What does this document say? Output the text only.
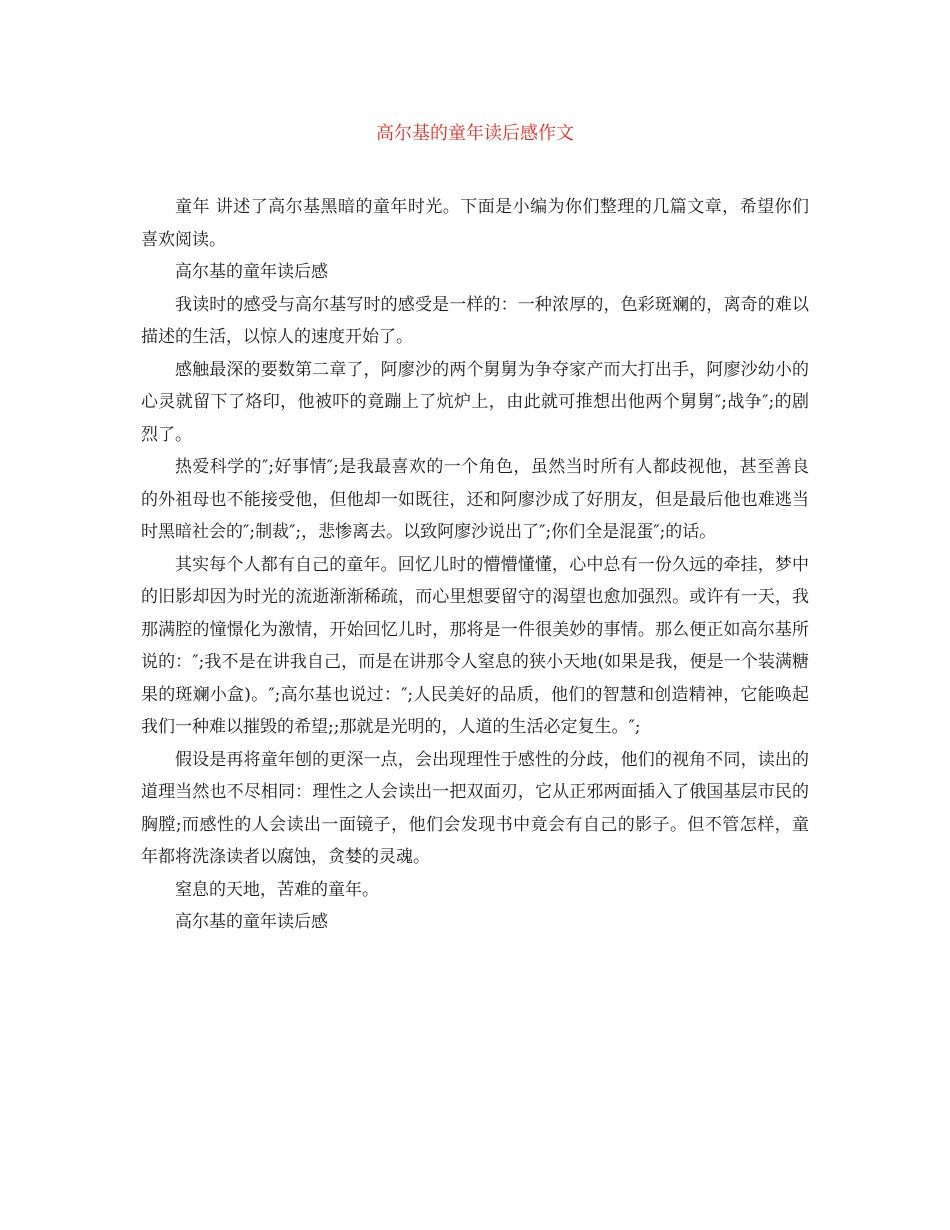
高尔基的童年读后感作文

童年 讲述了高尔基黑暗的童年时光。下面是小编为你们整理的几篇文章，希望你们喜欢阅读。

高尔基的童年读后感

我读时的感受与高尔基写时的感受是一样的：一种浓厚的，色彩斑斓的，离奇的难以描述的生活，以惊人的速度开始了。

感触最深的要数第二章了，阿廖沙的两个舅舅为争夺家产而大打出手，阿廖沙幼小的心灵就留下了烙印，他被吓的竟蹦上了炕炉上，由此就可推想出他两个舅舅″;战争″;的剧烈了。

热爱科学的″;好事情″;是我最喜欢的一个角色，虽然当时所有人都歧视他，甚至善良的外祖母也不能接受他，但他却一如既往，还和阿廖沙成了好朋友，但是最后他也难逃当时黑暗社会的″;制裁″;，悲惨离去。以致阿廖沙说出了″;你们全是混蛋″;的话。

其实每个人都有自己的童年。回忆儿时的懵懵懂懂，心中总有一份久远的牵挂，梦中的旧影却因为时光的流逝渐渐稀疏，而心里想要留守的渴望也愈加强烈。或许有一天，我那满腔的憧憬化为激情，开始回忆儿时，那将是一件很美妙的事情。那么便正如高尔基所说的：″;我不是在讲我自己，而是在讲那令人窒息的狭小天地(如果是我，便是一个装满糖果的斑斓小盒)。″;高尔基也说过：″;人民美好的品质，他们的智慧和创造精神，它能唤起我们一种难以摧毁的希望;;那就是光明的，人道的生活必定复生。″;

假设是再将童年刨的更深一点，会出现理性于感性的分歧，他们的视角不同，读出的道理当然也不尽相同：理性之人会读出一把双面刃，它从正邪两面插入了俄国基层市民的胸膛;而感性的人会读出一面镜子，他们会发现书中竟会有自己的影子。但不管怎样，童年都将洗涤读者以腐蚀，贪婪的灵魂。

窒息的天地，苦难的童年。

高尔基的童年读后感
